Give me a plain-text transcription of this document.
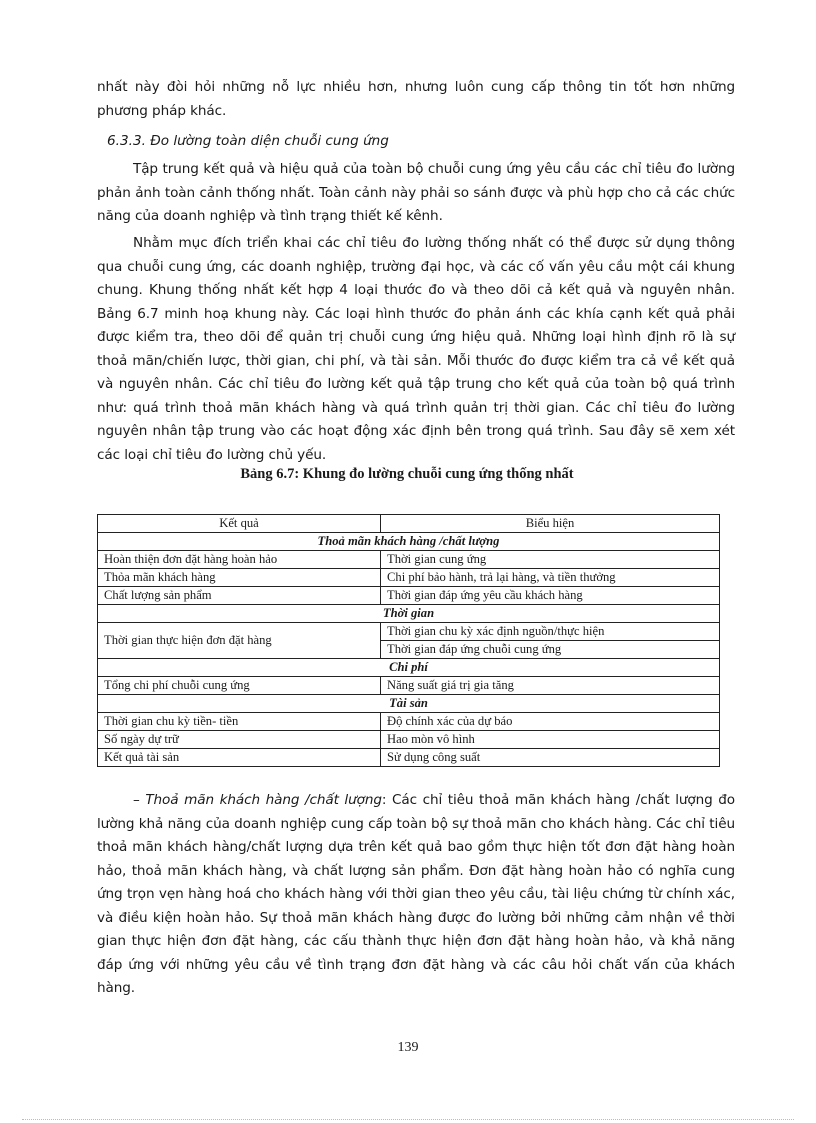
nhất này đòi hỏi những nỗ lực nhiều hơn, nhưng luôn cung cấp thông tin tốt hơn những phương pháp khác.

6.3.3. Đo lường toàn diện chuỗi cung ứng

Tập trung kết quả và hiệu quả của toàn bộ chuỗi cung ứng yêu cầu các chỉ tiêu đo lường phản ảnh toàn cảnh thống nhất. Toàn cảnh này phải so sánh được và phù hợp cho cả các chức năng của doanh nghiệp và tình trạng thiết kế kênh.

Nhằm mục đích triển khai các chỉ tiêu đo lường thống nhất có thể được sử dụng thông qua chuỗi cung ứng, các doanh nghiệp, trường đại học, và các cố vấn yêu cầu một cái khung chung. Khung thống nhất kết hợp 4 loại thước đo và theo dõi cả kết quả và nguyên nhân. Bảng 6.7 minh hoạ khung này. Các loại hình thước đo phản ánh các khía cạnh kết quả phải được kiểm tra, theo dõi để quản trị chuỗi cung ứng hiệu quả. Những loại hình định rõ là sự thoả mãn/chiến lược, thời gian, chi phí, và tài sản. Mỗi thước đo được kiểm tra cả về kết quả và nguyên nhân. Các chỉ tiêu đo lường kết quả tập trung cho kết quả của toàn bộ quá trình như: quá trình thoả mãn khách hàng và quá trình quản trị thời gian. Các chỉ tiêu đo lường nguyên nhân tập trung vào các hoạt động xác định bên trong quá trình. Sau đây sẽ xem xét các loại chỉ tiêu đo lường chủ yếu.

Bảng 6.7: Khung đo lường chuỗi cung ứng thống nhất
Kết quả	Biểu hiện
Thoả mãn khách hàng /chất lượng	
Hoàn thiện đơn đặt hàng hoàn hảo	Thời gian cung ứng
Thỏa mãn khách hàng	Chi phí bảo hành, trả lại hàng, và tiền thưởng
Chất lượng sản phẩm	Thời gian đáp ứng yêu cầu khách hàng
Thời gian	
Thời gian thực hiện đơn đặt hàng	Thời gian chu kỳ xác định nguồn/thực hiện
	Thời gian đáp ứng chuỗi cung ứng
Chi phí	
Tổng chi phí chuỗi cung ứng	Năng suất giá trị gia tăng
Tài sản	
Thời gian chu kỳ tiền- tiền	Độ chính xác của dự báo
Số ngày dự trữ	Hao mòn vô hình
Kết quả tài sản	Sử dụng công suất

– Thoả mãn khách hàng /chất lượng: Các chỉ tiêu thoả mãn khách hàng /chất lượng đo lường khả năng của doanh nghiệp cung cấp toàn bộ sự thoả mãn cho khách hàng. Các chỉ tiêu thoả mãn khách hàng/chất lượng dựa trên kết quả bao gồm thực hiện tốt đơn đặt hàng hoàn hảo, thoả mãn khách hàng, và chất lượng sản phẩm. Đơn đặt hàng hoàn hảo có nghĩa cung ứng trọn vẹn hàng hoá cho khách hàng với thời gian theo yêu cầu, tài liệu chứng từ chính xác, và điều kiện hoàn hảo. Sự thoả mãn khách hàng được đo lường bởi những cảm nhận về thời gian thực hiện đơn đặt hàng, các cấu thành thực hiện đơn đặt hàng hoàn hảo, và khả năng đáp ứng với những yêu cầu về tình trạng đơn đặt hàng và các câu hỏi chất vấn của khách hàng.

139
